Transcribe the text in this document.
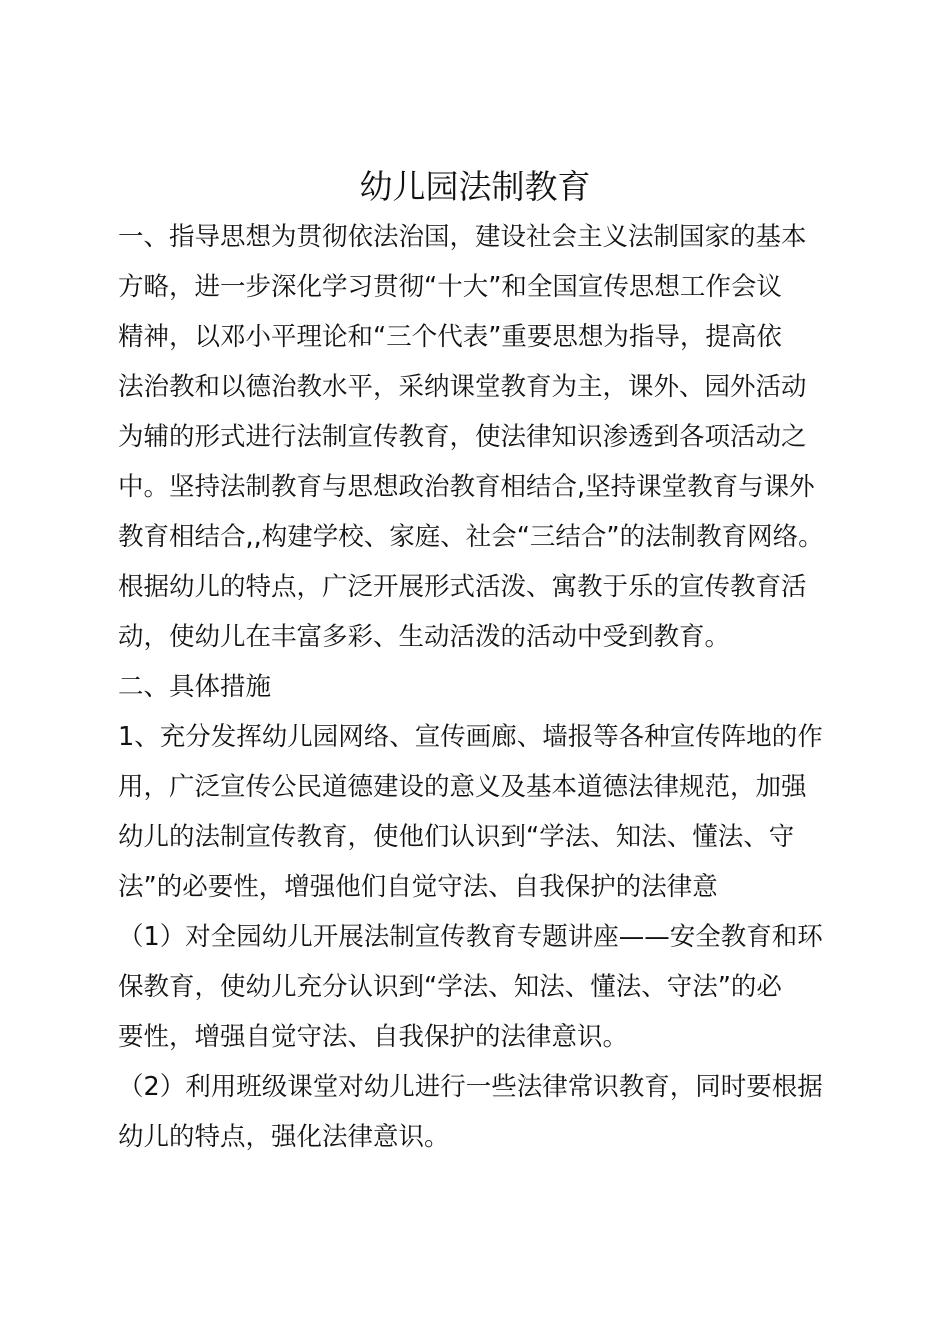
幼儿园法制教育

一、指导思想为贯彻依法治国，建设社会主义法制国家的基本

方略，进一步深化学习贯彻“十大”和全国宣传思想工作会议

精神，以邓小平理论和“三个代表”重要思想为指导，提高依

法治教和以德治教水平，采纳课堂教育为主，课外、园外活动

为辅的形式进行法制宣传教育，使法律知识渗透到各项活动之

中。坚持法制教育与思想政治教育相结合,坚持课堂教育与课外

教育相结合,,构建学校、家庭、社会“三结合”的法制教育网络。

根据幼儿的特点，广泛开展形式活泼、寓教于乐的宣传教育活

动，使幼儿在丰富多彩、生动活泼的活动中受到教育。

二、具体措施

1、充分发挥幼儿园网络、宣传画廊、墙报等各种宣传阵地的作

用，广泛宣传公民道德建设的意义及基本道德法律规范，加强

幼儿的法制宣传教育，使他们认识到“学法、知法、懂法、守

法”的必要性，增强他们自觉守法、自我保护的法律意

（1）对全园幼儿开展法制宣传教育专题讲座——安全教育和环

保教育，使幼儿充分认识到“学法、知法、懂法、守法”的必

要性，增强自觉守法、自我保护的法律意识。

（2）利用班级课堂对幼儿进行一些法律常识教育，同时要根据

幼儿的特点，强化法律意识。
